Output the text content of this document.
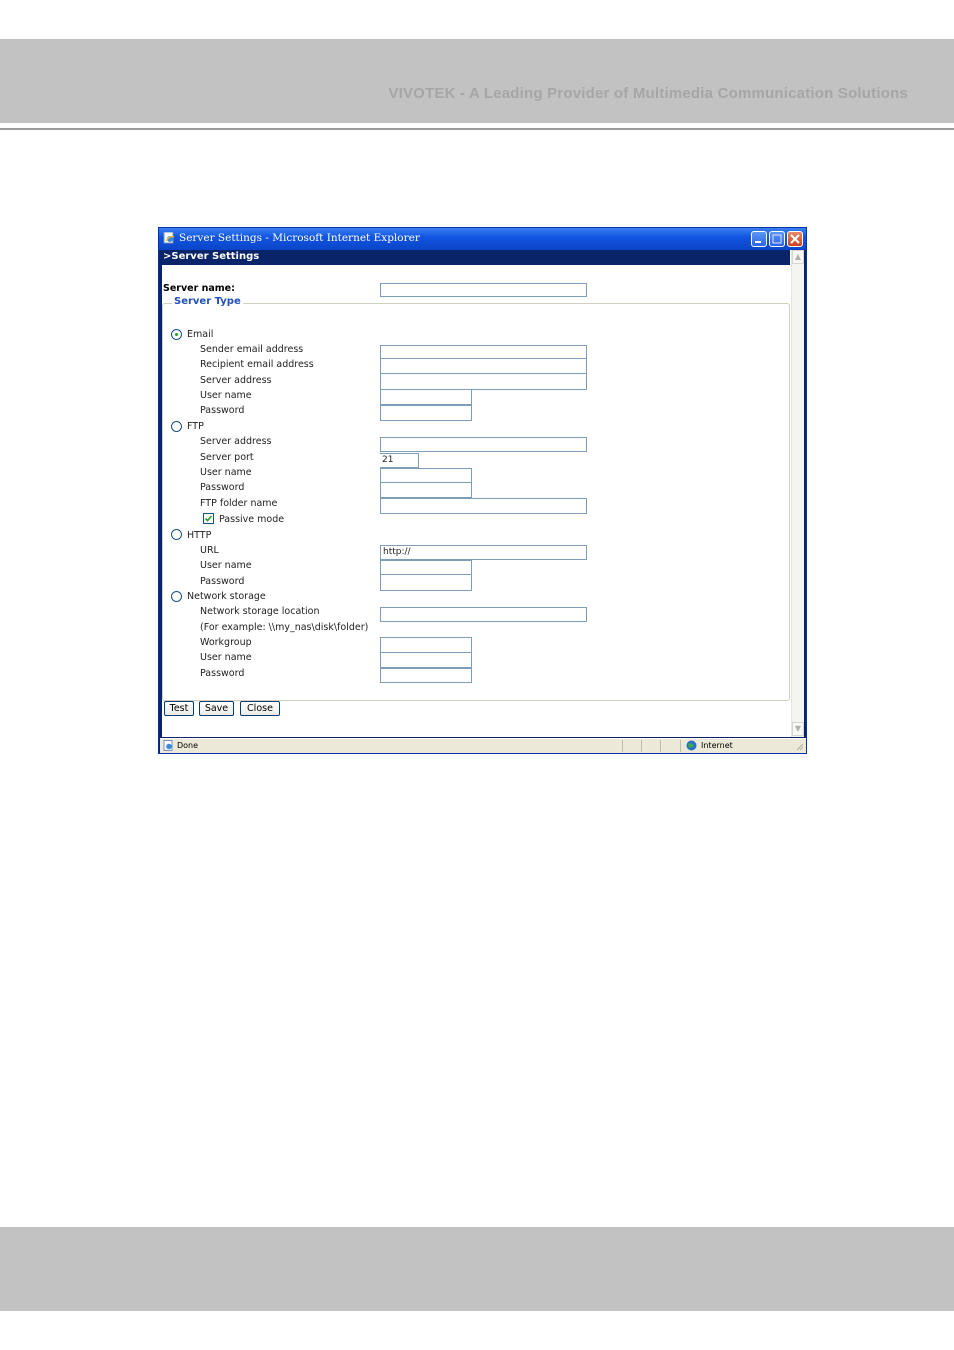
VIVOTEK - A Leading Provider of Multimedia Communication Solutions
Server Settings - Microsoft Internet Explorer
>Server Settings
Server name:
Server Type
Email
Sender email address
Recipient email address
Server address
User name
Password
FTP
Server address
Server port	21
User name
Password
FTP folder name
Passive mode
HTTP
URL	http://
User name
Password
Network storage
Network storage location
(For example: \\my_nas\disk\folder)
Workgroup
User name
Password
Test	Save	Close
▲
▼
Done	Internet
